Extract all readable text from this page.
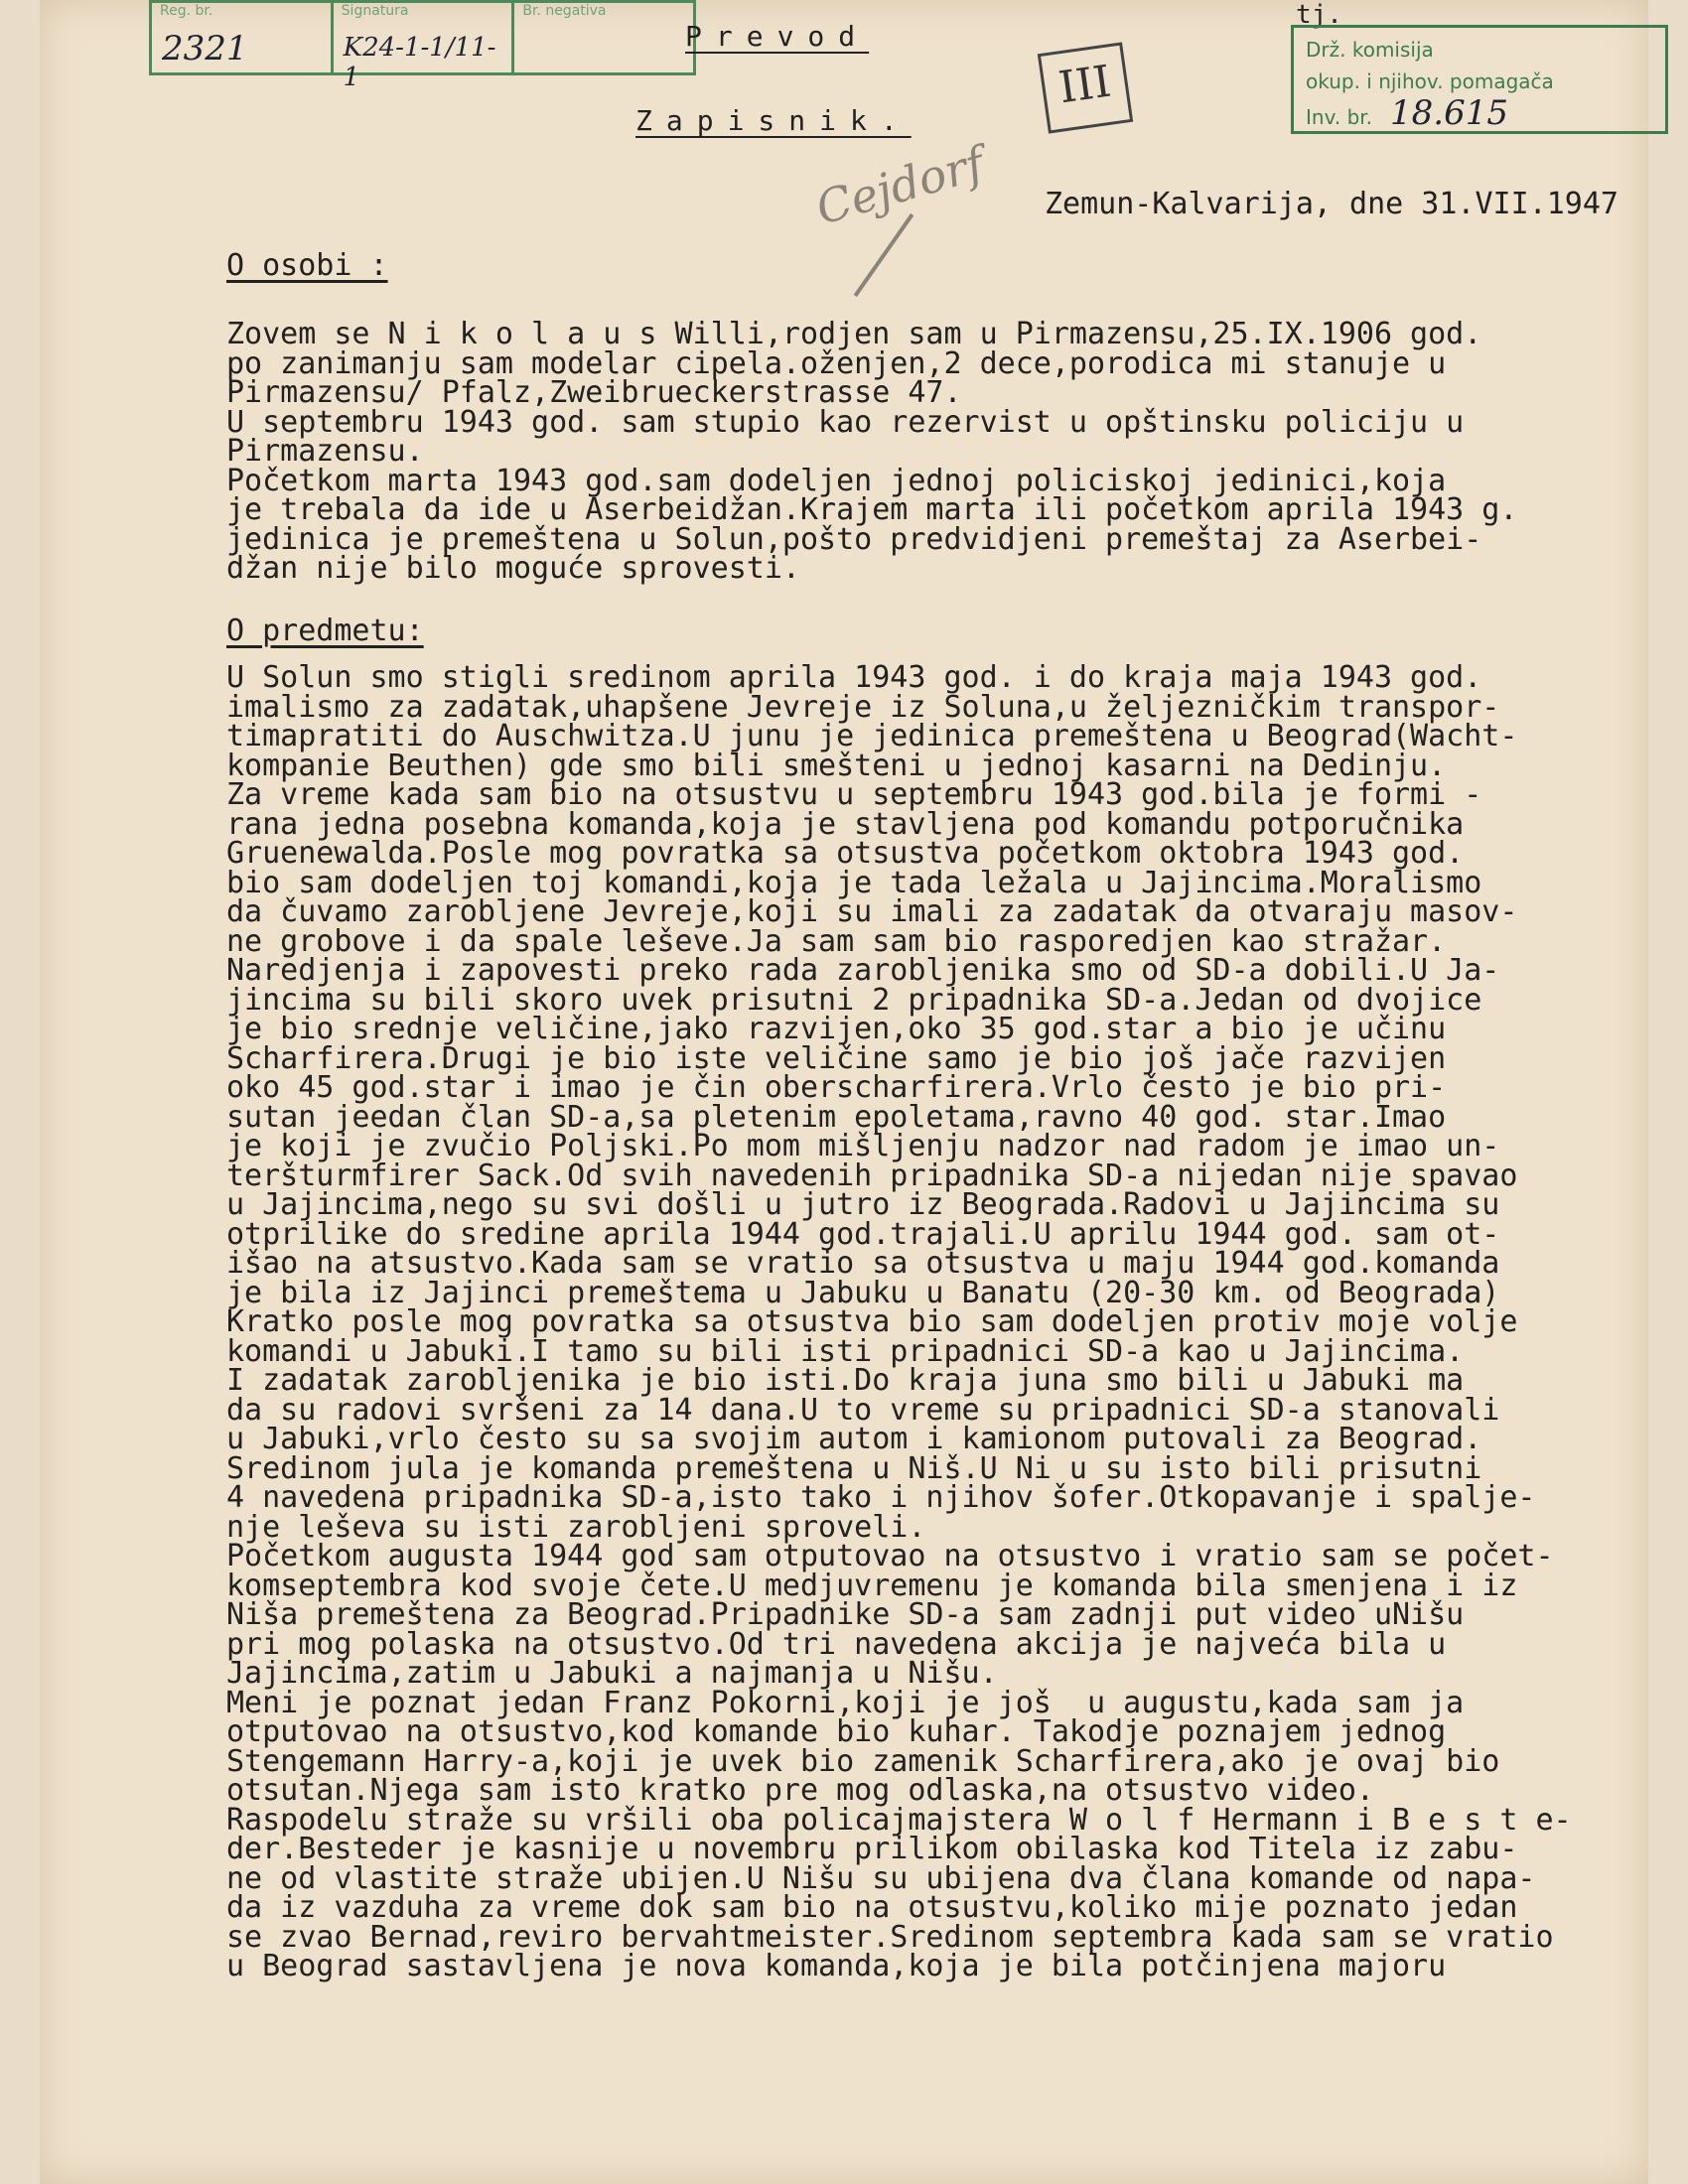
Reg. br.
2321
Signatura
K24-1-1/11-1
Br. negativa	tj.
Drž. komisija
okup. i njihov. pomagača
Inv. br. 18.615
III
Prevod
Zapisnik.
Cejdorf Zemun-Kalvarija, dne 31.VII.1947
O osobi :
Zovem se N i k o l a u s Willi,rodjen sam u Pirmazensu,25.IX.1906 god.
po zanimanju sam modelar cipela.oženjen,2 dece,porodica mi stanuje u
Pirmazensu/ Pfalz,Zweibrueckerstrasse 47.
U septembru 1943 god. sam stupio kao rezervist u opštinsku policiju u
Pirmazensu.
Početkom marta 1943 god.sam dodeljen jednoj policiskoj jedinici,koja
je trebala da ide u Aserbeidžan.Krajem marta ili početkom aprila 1943 g.
jedinica je premeštena u Solun,pošto predvidjeni premeštaj za Aserbei-
džan nije bilo moguće sprovesti.
O predmetu:
U Solun smo stigli sredinom aprila 1943 god. i do kraja maja 1943 god.
imalismo za zadatak,uhapšene Jevreje iz Soluna,u željezničkim transpor-
timapratiti do Auschwitza.U junu je jedinica premeštena u Beograd(Wacht-
kompanie Beuthen) gde smo bili smešteni u jednoj kasarni na Dedinju.
Za vreme kada sam bio na otsustvu u septembru 1943 god.bila je formi -
rana jedna posebna komanda,koja je stavljena pod komandu potporučnika
Gruenewalda.Posle mog povratka sa otsustva početkom oktobra 1943 god.
bio sam dodeljen toj komandi,koja je tada ležala u Jajincima.Moralismo
da čuvamo zarobljene Jevreje,koji su imali za zadatak da otvaraju masov-
ne grobove i da spale leševe.Ja sam sam bio rasporedjen kao stražar.
Naredjenja i zapovesti preko rada zarobljenika smo od SD-a dobili.U Ja-
jincima su bili skoro uvek prisutni 2 pripadnika SD-a.Jedan od dvojice
je bio srednje veličine,jako razvijen,oko 35 god.star a bio je učinu
Scharfirera.Drugi je bio iste veličine samo je bio još jače razvijen
oko 45 god.star i imao je čin oberscharfirera.Vrlo često je bio pri-
sutan jeedan član SD-a,sa pletenim epoletama,ravno 40 god. star.Imao
je koji je zvučio Poljski.Po mom mišljenju nadzor nad radom je imao un-
teršturmfirer Sack.Od svih navedenih pripadnika SD-a nijedan nije spavao
u Jajincima,nego su svi došli u jutro iz Beograda.Radovi u Jajincima su
otprilike do sredine aprila 1944 god.trajali.U aprilu 1944 god. sam ot-
išao na atsustvo.Kada sam se vratio sa otsustva u maju 1944 god.komanda
je bila iz Jajinci premeštema u Jabuku u Banatu (20-30 km. od Beograda)
Kratko posle mog povratka sa otsustva bio sam dodeljen protiv moje volje
komandi u Jabuki.I tamo su bili isti pripadnici SD-a kao u Jajincima.
I zadatak zarobljenika je bio isti.Do kraja juna smo bili u Jabuki ma
da su radovi svršeni za 14 dana.U to vreme su pripadnici SD-a stanovali
u Jabuki,vrlo često su sa svojim autom i kamionom putovali za Beograd.
Sredinom jula je komanda premeštena u Niš.U Ni u su isto bili prisutni
4 navedena pripadnika SD-a,isto tako i njihov šofer.Otkopavanje i spalje-
nje leševa su isti zarobljeni sproveli.
Početkom augusta 1944 god sam otputovao na otsustvo i vratio sam se počet-
komseptembra kod svoje čete.U medjuvremenu je komanda bila smenjena i iz
Niša premeštena za Beograd.Pripadnike SD-a sam zadnji put video uNišu
pri mog polaska na otsustvo.Od tri navedena akcija je najveća bila u
Jajincima,zatim u Jabuki a najmanja u Nišu.
Meni je poznat jedan Franz Pokorni,koji je još  u augustu,kada sam ja
otputovao na otsustvo,kod komande bio kuhar. Takodje poznajem jednog
Stengemann Harry-a,koji je uvek bio zamenik Scharfirera,ako je ovaj bio
otsutan.Njega sam isto kratko pre mog odlaska,na otsustvo video.
Raspodelu straže su vršili oba policajmajstera W o l f Hermann i B e s t e-
der.Besteder je kasnije u novembru prilikom obilaska kod Titela iz zabu-
ne od vlastite straže ubijen.U Nišu su ubijena dva člana komande od napa-
da iz vazduha za vreme dok sam bio na otsustvu,koliko mije poznato jedan
se zvao Bernad,reviro bervahtmeister.Sredinom septembra kada sam se vratio
u Beograd sastavljena je nova komanda,koja je bila potčinjena majoru
